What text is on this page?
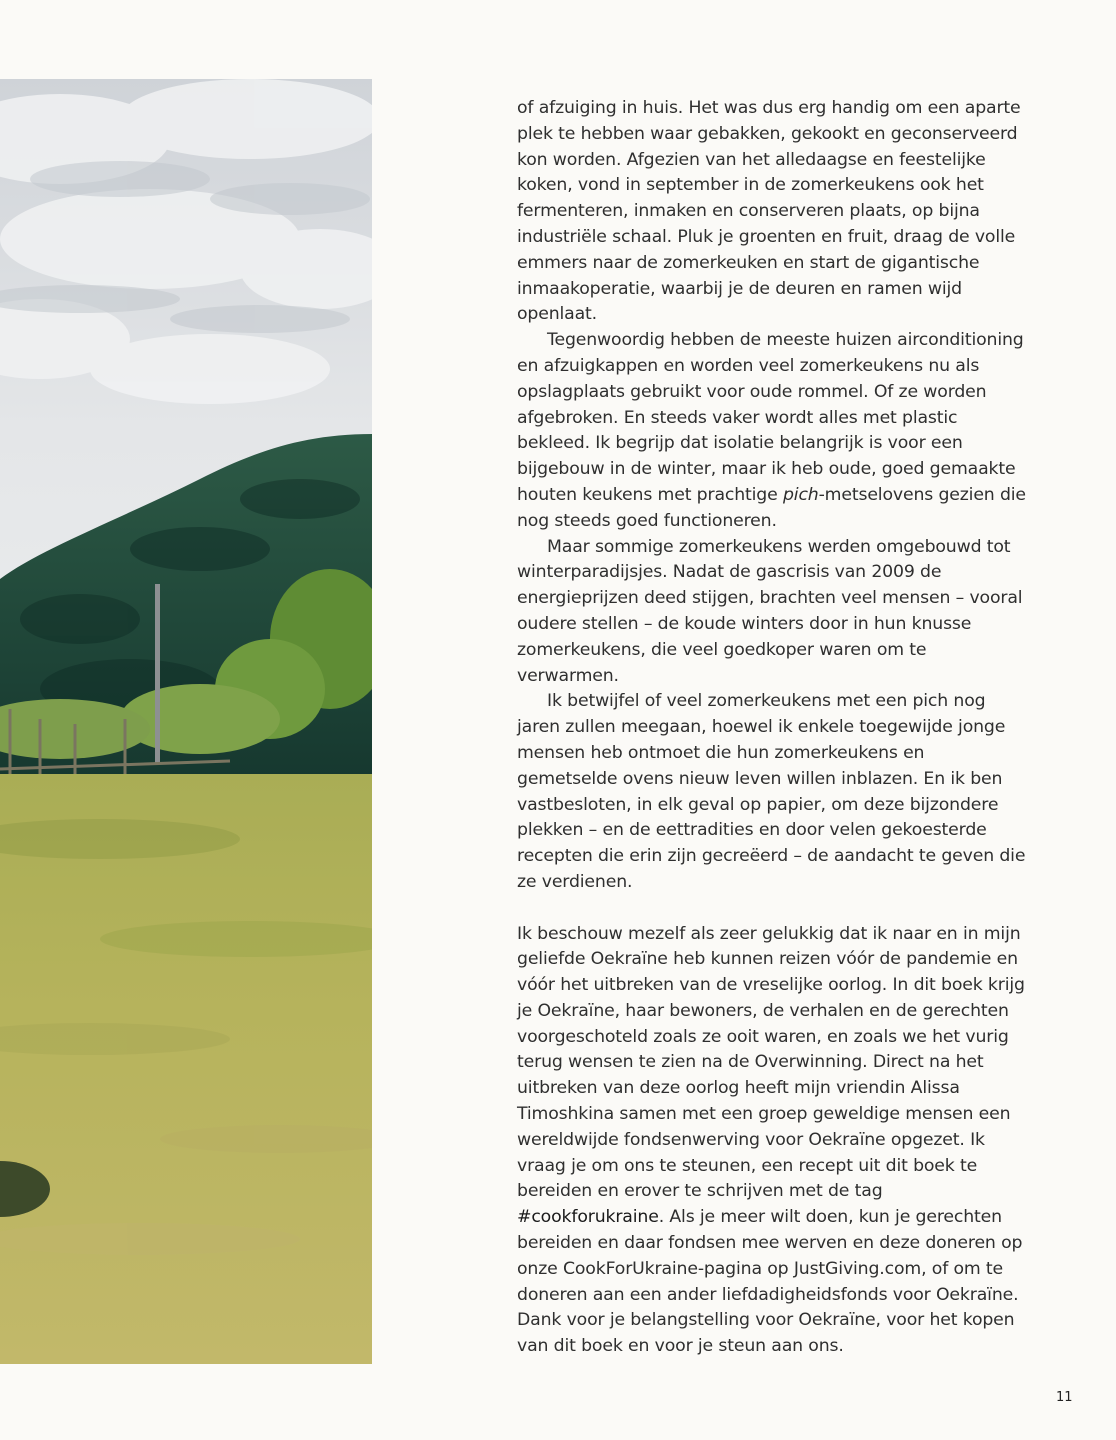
of afzuiging in huis. Het was dus erg handig om een aparte plek te hebben waar gebakken, gekookt en geconserveerd kon worden. Afgezien van het alledaagse en feestelijke koken, vond in september in de zomerkeukens ook het fermenteren, inmaken en conserveren plaats, op bijna industriële schaal. Pluk je groenten en fruit, draag de volle emmers naar de zomerkeuken en start de gigantische inmaakoperatie, waarbij je de deuren en ramen wijd openlaat.

Tegenwoordig hebben de meeste huizen airconditioning en afzuigkappen en worden veel zomerkeukens nu als opslagplaats gebruikt voor oude rommel. Of ze worden afgebroken. En steeds vaker wordt alles met plastic bekleed. Ik begrijp dat isolatie belangrijk is voor een bijgebouw in de winter, maar ik heb oude, goed gemaakte houten keukens met prachtige pich-metselovens gezien die nog steeds goed functioneren.

Maar sommige zomerkeukens werden omgebouwd tot winterparadijsjes. Nadat de gascrisis van 2009 de energieprijzen deed stijgen, brachten veel mensen – vooral oudere stellen – de koude winters door in hun knusse zomerkeukens, die veel goedkoper waren om te verwarmen.

Ik betwijfel of veel zomerkeukens met een pich nog jaren zullen meegaan, hoewel ik enkele toegewijde jonge mensen heb ontmoet die hun zomerkeukens en gemetselde ovens nieuw leven willen inblazen. En ik ben vastbesloten, in elk geval op papier, om deze bijzondere plekken – en de eettradities en door velen gekoesterde recepten die erin zijn gecreëerd – de aandacht te geven die ze verdienen.

Ik beschouw mezelf als zeer gelukkig dat ik naar en in mijn geliefde Oekraïne heb kunnen reizen vóór de pandemie en vóór het uitbreken van de vreselijke oorlog. In dit boek krijg je Oekraïne, haar bewoners, de verhalen en de gerechten voorgeschoteld zoals ze ooit waren, en zoals we het vurig terug wensen te zien na de Overwinning. Direct na het uitbreken van deze oorlog heeft mijn vriendin Alissa Timoshkina samen met een groep geweldige mensen een wereldwijde fondsenwerving voor Oekraïne opgezet. Ik vraag je om ons te steunen, een recept uit dit boek te bereiden en erover te schrijven met de tag #cookforukraine. Als je meer wilt doen, kun je gerechten bereiden en daar fondsen mee werven en deze doneren op onze CookForUkraine-pagina op JustGiving.com, of om te doneren aan een ander liefdadigheidsfonds voor Oekraïne. Dank voor je belangstelling voor Oekraïne, voor het kopen van dit boek en voor je steun aan ons.

11
